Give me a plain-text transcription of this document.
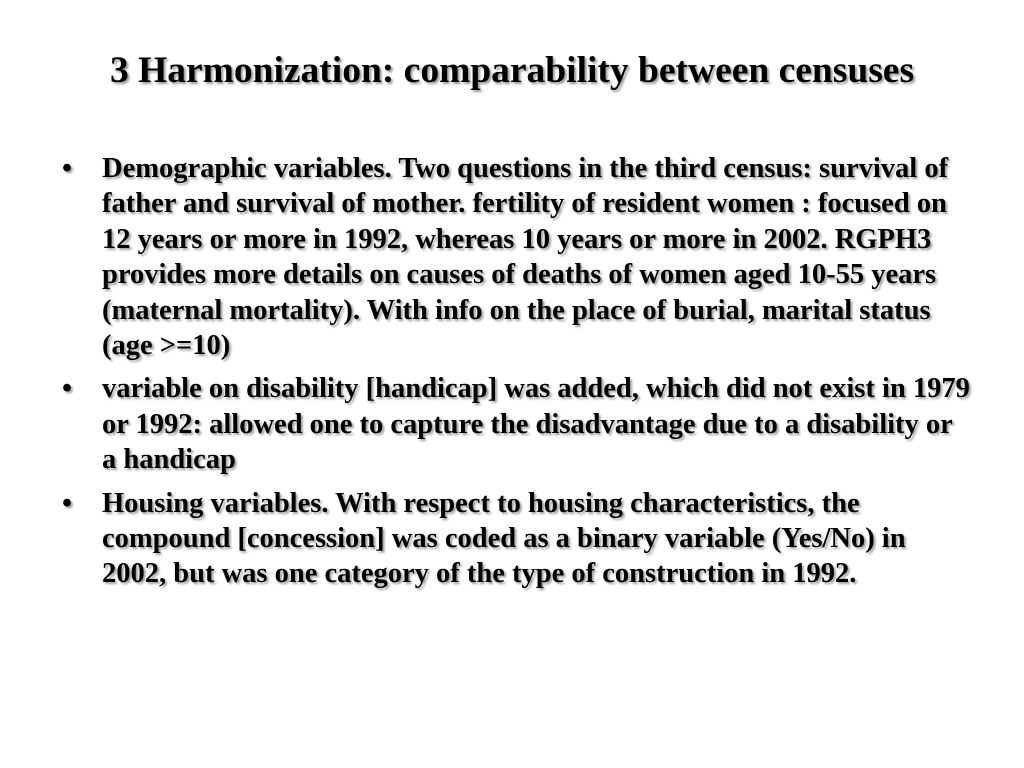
3 Harmonization: comparability between censuses
• Demographic variables. Two questions in the third census: survival of father and survival of mother. fertility of resident women : focused on 12 years or more in 1992, whereas 10 years or more in 2002. RGPH3 provides more details on causes of deaths of women aged 10-55 years (maternal mortality). With info on the place of burial, marital status (age >=10)
• variable on disability [handicap] was added, which did not exist in 1979 or 1992: allowed one to capture the disadvantage due to a disability or a handicap
• Housing variables. With respect to housing characteristics, the compound [concession] was coded as a binary variable (Yes/No) in 2002, but was one category of the type of construction in 1992.
